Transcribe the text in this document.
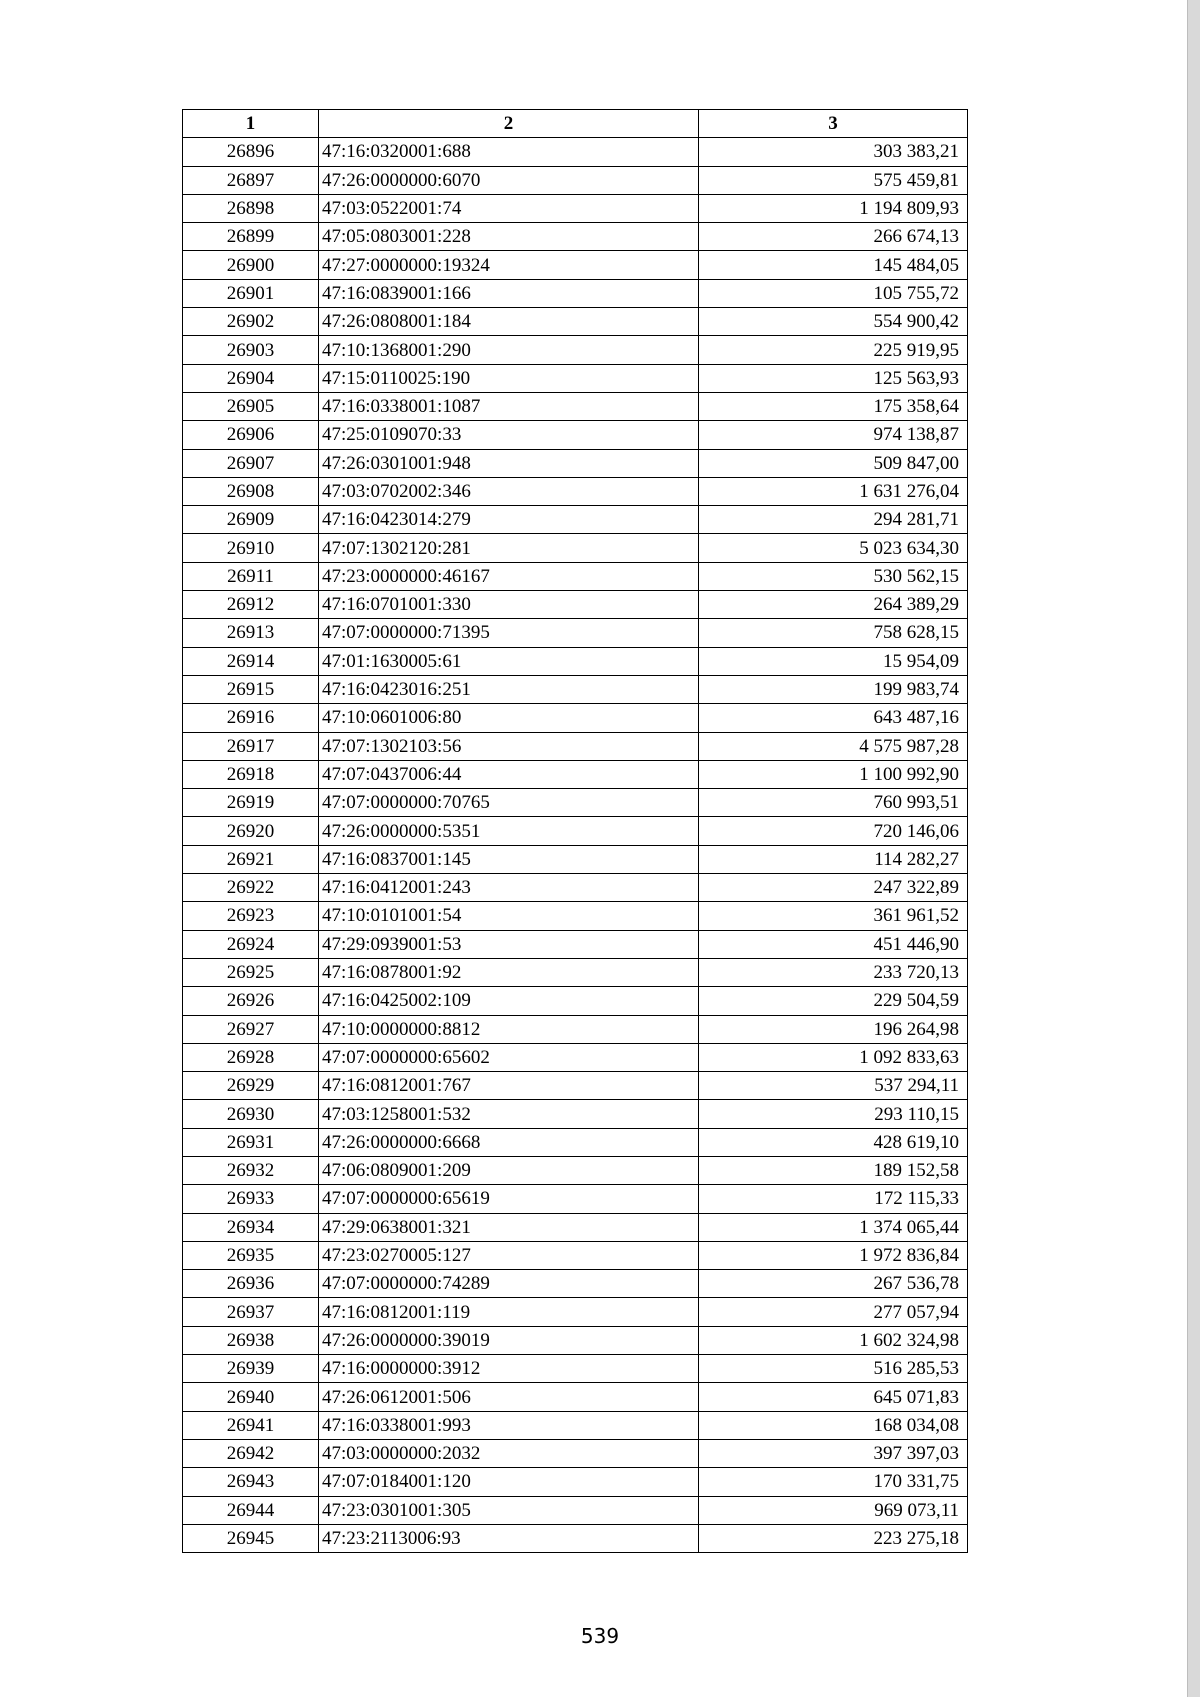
1	2	3
26896	47:16:0320001:688	303 383,21
26897	47:26:0000000:6070	575 459,81
26898	47:03:0522001:74	1 194 809,93
26899	47:05:0803001:228	266 674,13
26900	47:27:0000000:19324	145 484,05
26901	47:16:0839001:166	105 755,72
26902	47:26:0808001:184	554 900,42
26903	47:10:1368001:290	225 919,95
26904	47:15:0110025:190	125 563,93
26905	47:16:0338001:1087	175 358,64
26906	47:25:0109070:33	974 138,87
26907	47:26:0301001:948	509 847,00
26908	47:03:0702002:346	1 631 276,04
26909	47:16:0423014:279	294 281,71
26910	47:07:1302120:281	5 023 634,30
26911	47:23:0000000:46167	530 562,15
26912	47:16:0701001:330	264 389,29
26913	47:07:0000000:71395	758 628,15
26914	47:01:1630005:61	15 954,09
26915	47:16:0423016:251	199 983,74
26916	47:10:0601006:80	643 487,16
26917	47:07:1302103:56	4 575 987,28
26918	47:07:0437006:44	1 100 992,90
26919	47:07:0000000:70765	760 993,51
26920	47:26:0000000:5351	720 146,06
26921	47:16:0837001:145	114 282,27
26922	47:16:0412001:243	247 322,89
26923	47:10:0101001:54	361 961,52
26924	47:29:0939001:53	451 446,90
26925	47:16:0878001:92	233 720,13
26926	47:16:0425002:109	229 504,59
26927	47:10:0000000:8812	196 264,98
26928	47:07:0000000:65602	1 092 833,63
26929	47:16:0812001:767	537 294,11
26930	47:03:1258001:532	293 110,15
26931	47:26:0000000:6668	428 619,10
26932	47:06:0809001:209	189 152,58
26933	47:07:0000000:65619	172 115,33
26934	47:29:0638001:321	1 374 065,44
26935	47:23:0270005:127	1 972 836,84
26936	47:07:0000000:74289	267 536,78
26937	47:16:0812001:119	277 057,94
26938	47:26:0000000:39019	1 602 324,98
26939	47:16:0000000:3912	516 285,53
26940	47:26:0612001:506	645 071,83
26941	47:16:0338001:993	168 034,08
26942	47:03:0000000:2032	397 397,03
26943	47:07:0184001:120	170 331,75
26944	47:23:0301001:305	969 073,11
26945	47:23:2113006:93	223 275,18
539
